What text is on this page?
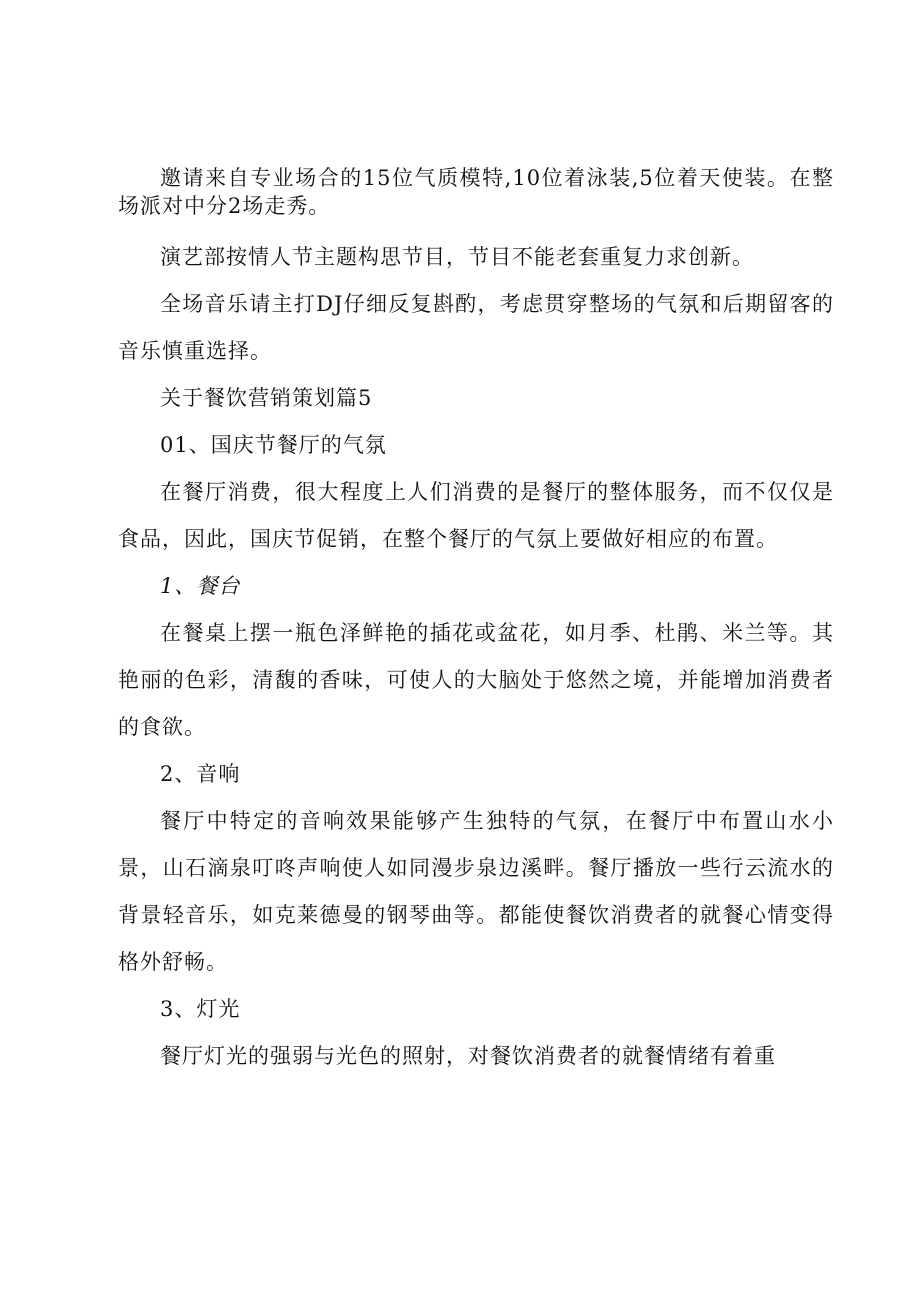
邀请来自专业场合的15位气质模特,10位着泳装,5位着天使装。在整场派对中分2场走秀。

演艺部按情人节主题构思节目，节目不能老套重复力求创新。

全场音乐请主打DJ仔细反复斟酌，考虑贯穿整场的气氛和后期留客的音乐慎重选择。

关于餐饮营销策划篇5

01、国庆节餐厅的气氛

在餐厅消费，很大程度上人们消费的是餐厅的整体服务，而不仅仅是食品，因此，国庆节促销，在整个餐厅的气氛上要做好相应的布置。

1、餐台

在餐桌上摆一瓶色泽鲜艳的插花或盆花，如月季、杜鹃、米兰等。其艳丽的色彩，清馥的香味，可使人的大脑处于悠然之境，并能增加消费者的食欲。

2、音响

餐厅中特定的音响效果能够产生独特的气氛，在餐厅中布置山水小景，山石滴泉叮咚声响使人如同漫步泉边溪畔。餐厅播放一些行云流水的背景轻音乐，如克莱德曼的钢琴曲等。都能使餐饮消费者的就餐心情变得格外舒畅。

3、灯光

餐厅灯光的强弱与光色的照射，对餐饮消费者的就餐情绪有着重
